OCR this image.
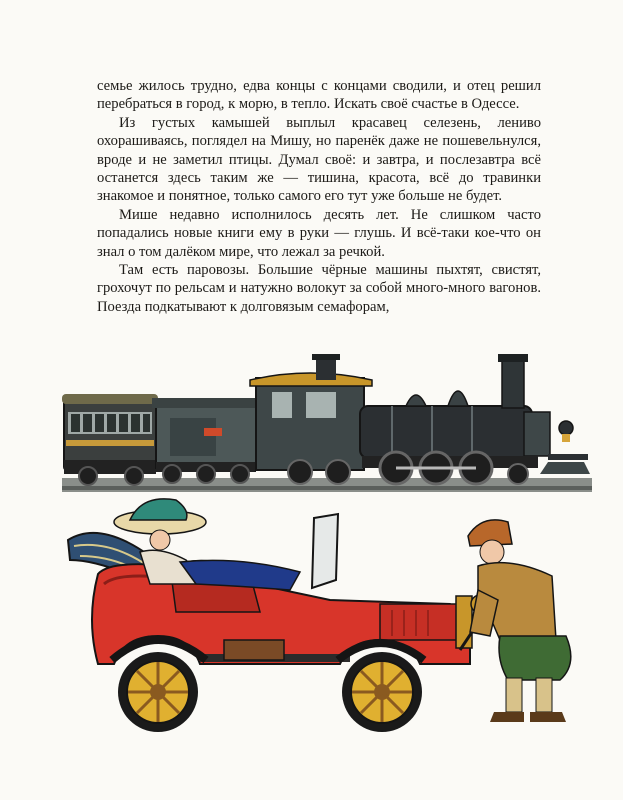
семье жилось трудно, едва концы с концами сводили, и отец решил перебраться в город, к морю, в тепло. Искать своё счастье в Одессе.

Из густых камышей выплыл красавец селезень, лениво охорашиваясь, поглядел на Мишу, но паренёк даже не пошевельнулся, вроде и не заметил птицы. Думал своё: и завтра, и послезавтра всё останется здесь таким же — тишина, красота, всё до травинки знакомое и понятное, только самого его тут уже больше не будет.

Мише недавно исполнилось десять лет. Не слишком часто попадались новые книги ему в руки — глушь. И всё-таки кое-что он знал о том далёком мире, что лежал за речкой.

Там есть паровозы. Большие чёрные машины пыхтят, свистят, грохочут по рельсам и натужно волокут за собой много-много вагонов. Поезда подкатывают к долговязым семафорам,
